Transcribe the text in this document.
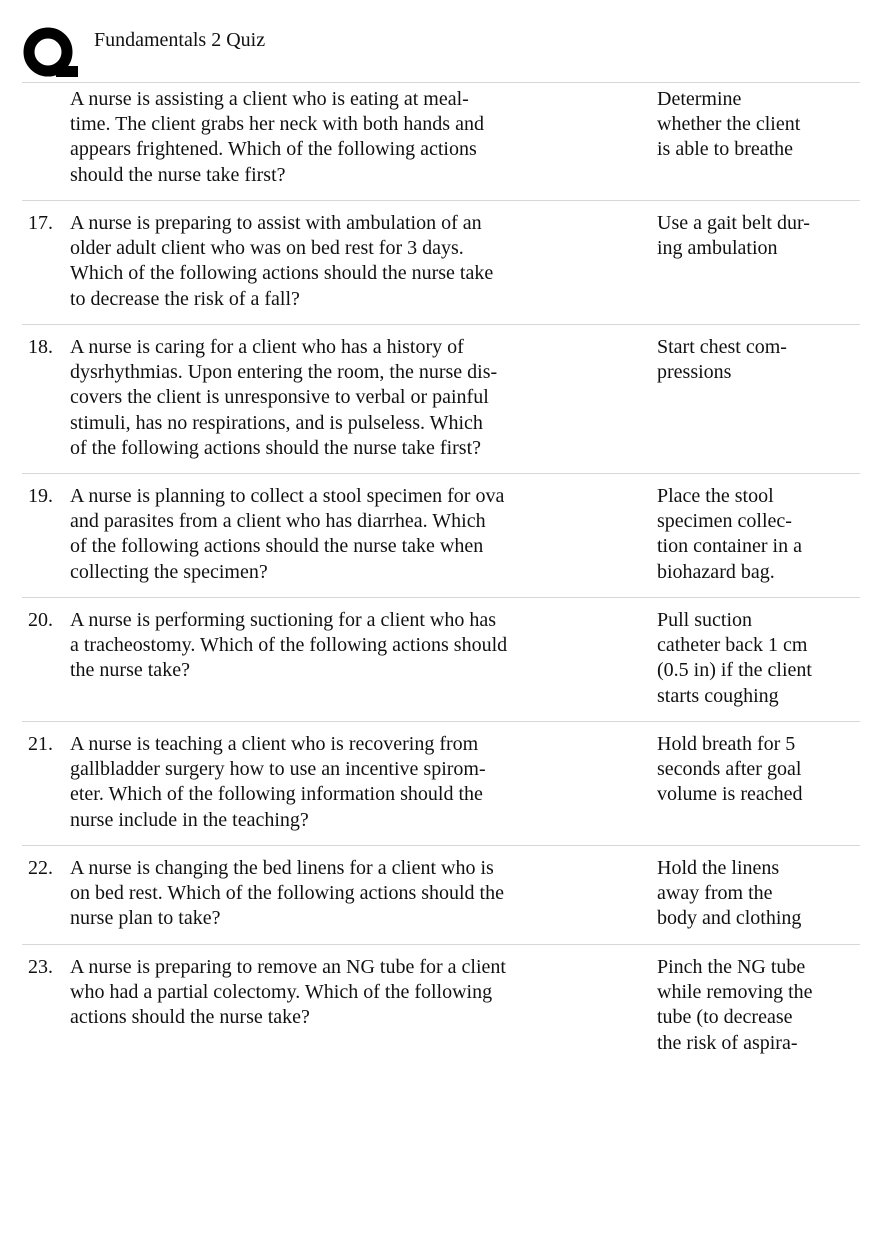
Fundamentals 2 Quiz
A nurse is assisting a client who is eating at meal-
time. The client grabs her neck with both hands and
appears frightened. Which of the following actions
should the nurse take first?
Determine
whether the client
is able to breathe
17. A nurse is preparing to assist with ambulation of an
older adult client who was on bed rest for 3 days.
Which of the following actions should the nurse take
to decrease the risk of a fall?
Use a gait belt dur-
ing ambulation
18. A nurse is caring for a client who has a history of
dysrhythmias. Upon entering the room, the nurse dis-
covers the client is unresponsive to verbal or painful
stimuli, has no respirations, and is pulseless. Which
of the following actions should the nurse take first?
Start chest com-
pressions
19. A nurse is planning to collect a stool specimen for ova
and parasites from a client who has diarrhea. Which
of the following actions should the nurse take when
collecting the specimen?
Place the stool
specimen collec-
tion container in a
biohazard bag.
20. A nurse is performing suctioning for a client who has
a tracheostomy. Which of the following actions should
the nurse take?
Pull suction
catheter back 1 cm
(0.5 in) if the client
starts coughing
21. A nurse is teaching a client who is recovering from
gallbladder surgery how to use an incentive spirom-
eter. Which of the following information should the
nurse include in the teaching?
Hold breath for 5
seconds after goal
volume is reached
22. A nurse is changing the bed linens for a client who is
on bed rest. Which of the following actions should the
nurse plan to take?
Hold the linens
away from the
body and clothing
23. A nurse is preparing to remove an NG tube for a client
who had a partial colectomy. Which of the following
actions should the nurse take?
Pinch the NG tube
while removing the
tube (to decrease
the risk of aspira-
